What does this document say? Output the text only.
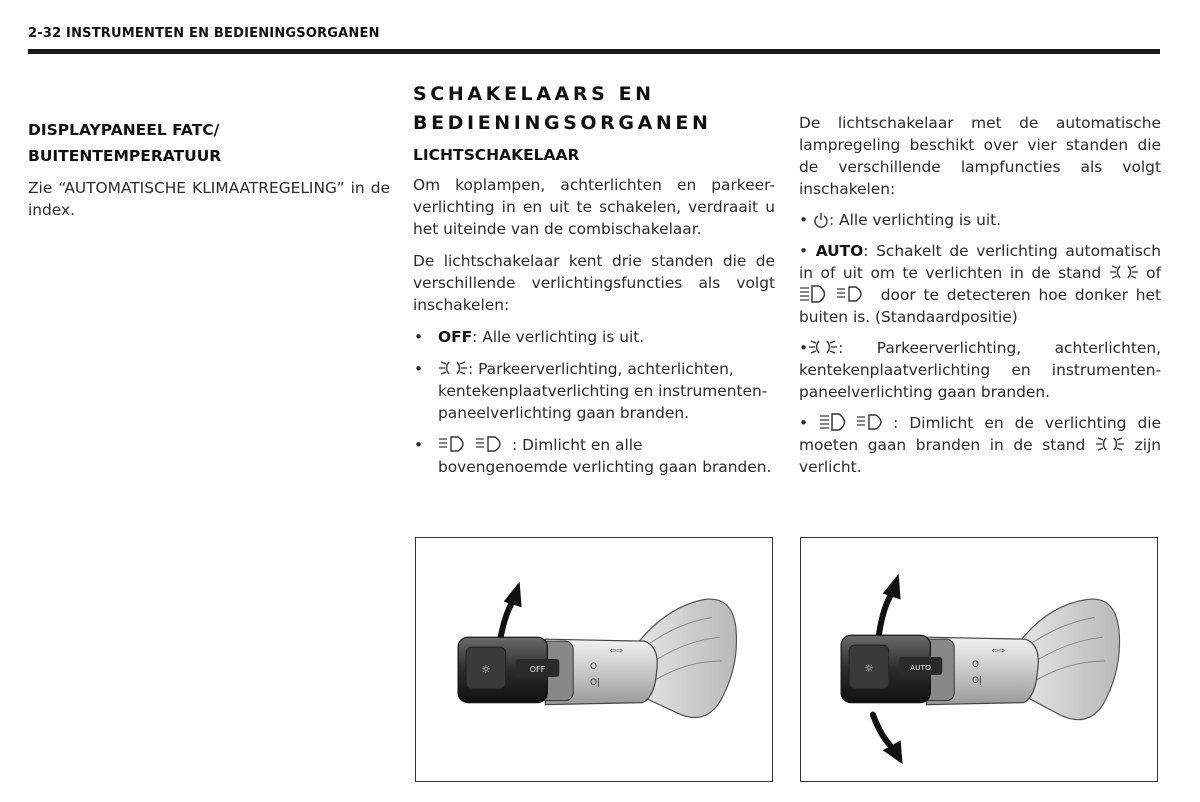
2-32 INSTRUMENTEN EN BEDIENINGSORGANEN
DISPLAYPANEEL FATC/
BUITENTEMPERATUUR

Zie “AUTOMATISCHE KLIMAATREGELING” in de index.

SCHAKELAARS EN
BEDIENINGSORGANEN
LICHTSCHAKELAAR

Om koplampen, achterlichten en parkeer-verlichting in en uit te schakelen, verdraait u het uiteinde van de combischakelaar.

De lichtschakelaar kent drie standen die de verschillende verlichtingsfuncties als volgt inschakelen:

• OFF: Alle verlichting is uit.
•	: Parkeerverlichting, achterlichten, kentekenplaatverlichting en instrumenten-paneelverlichting gaan branden.
•	: Dimlicht en alle bovengenoemde verlichting gaan branden.

De lichtschakelaar met de automatische lampregeling beschikt over vier standen die de verschillende lampfuncties als volgt inschakelen:

• : Alle verlichting is uit.

• AUTO: Schakelt de verlichting automatisch in of uit om te verlichten in de stand	of  door te detecteren hoe donker het buiten is. (Standaardpositie)

• : Parkeerverlichting, achterlichten, kentekenplaatverlichting en instrumenten-paneelverlichting gaan branden.

•	: Dimlicht en de verlichting die moeten gaan branden in de stand	zijn verlicht.

☼	OFF	O
O|
⇦⇨
☼	AUTO	O
O|
⇦⇨
